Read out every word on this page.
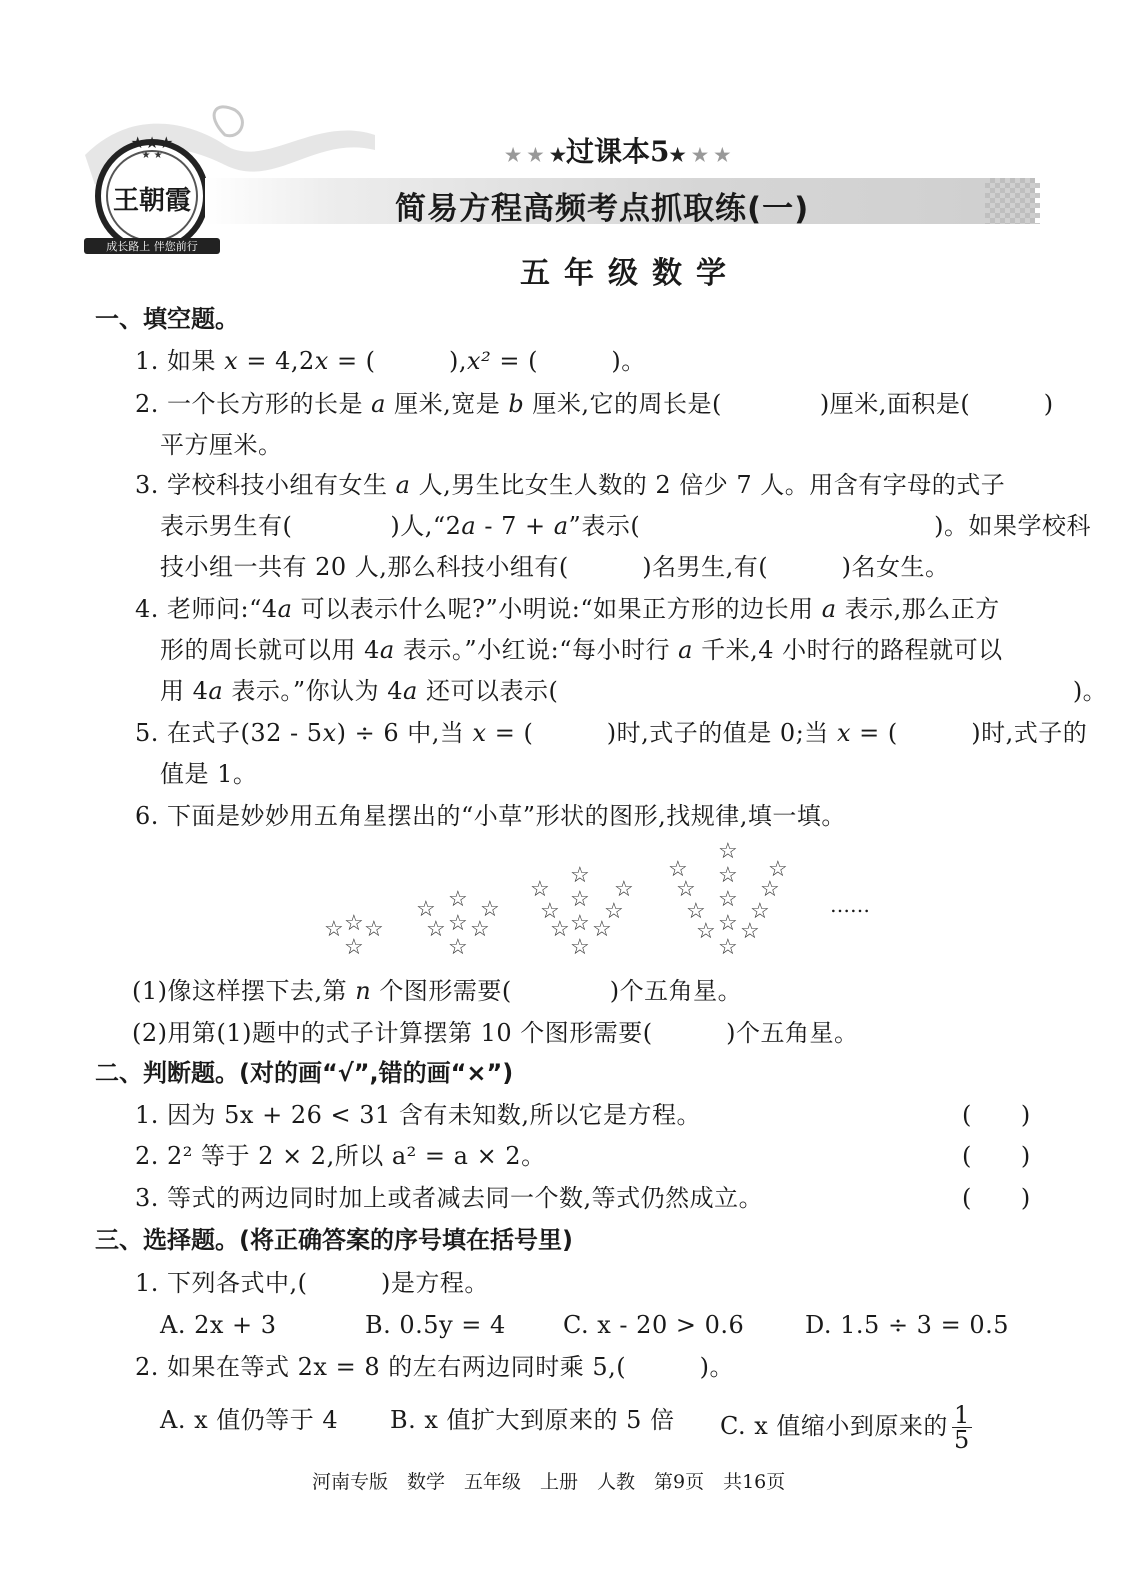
★★★
★ ★
王朝霞
成长路上 伴您前行
★ ★ ★过课本5★ ★ ★
简易方程高频考点抓取练(一)
五年级数学
一、填空题。
1. 如果 x = 4,2x = (　　　),x² = (　　　)。
2. 一个长方形的长是 a 厘米,宽是 b 厘米,它的周长是(　　　　)厘米,面积是(　　　)
平方厘米。
3. 学校科技小组有女生 a 人,男生比女生人数的 2 倍少 7 人。用含有字母的式子
表示男生有(　　　　)人,“2a - 7 + a”表示(　　　　　　　　　　　　)。如果学校科
技小组一共有 20 人,那么科技小组有(　　　)名男生,有(　　　)名女生。
4. 老师问:“4a 可以表示什么呢?”小明说:“如果正方形的边长用 a 表示,那么正方
形的周长就可以用 4a 表示。”小红说:“每小时行 a 千米,4 小时行的路程就可以
用 4a 表示。”你认为 4a 还可以表示(　　　　　　　　　　　　　　　　　　　　　)。
5. 在式子(32 - 5x) ÷ 6 中,当 x = (　　　)时,式子的值是 0;当 x = (　　　)时,式子的
值是 1。
6. 下面是妙妙用五角星摆出的“小草”形状的图形,找规律,填一填。
☆ ☆ ☆
☆
☆ ☆ ☆
☆ ☆ ☆
☆
☆
☆
☆
☆ ☆ ☆
☆ ☆ ☆
☆
☆
☆
☆
☆
☆
☆
☆ ☆ ☆
☆ ☆ ☆
☆
……
(1)像这样摆下去,第 n 个图形需要(　　　　)个五角星。
(2)用第(1)题中的式子计算摆第 10 个图形需要(　　　)个五角星。
二、判断题。(对的画“√”,错的画“×”)
1. 因为 5x + 26 < 31 含有未知数,所以它是方程。	(　　)
2. 2² 等于 2 × 2,所以 a² = a × 2。	(　　)
3. 等式的两边同时加上或者减去同一个数,等式仍然成立。	(　　)
三、选择题。(将正确答案的序号填在括号里)
1. 下列各式中,(　　　)是方程。
A. 2x + 3	B. 0.5y = 4 C. x - 20 > 0.6	D. 1.5 ÷ 3 = 0.5
2. 如果在等式 2x = 8 的左右两边同时乘 5,(　　　)。
A. x 值仍等于 4 B. x 值扩大到原来的 5 倍 C. x 值缩小到原来的 $\frac{1}{5}$
河南专版　数学　五年级　上册　人教　第9页　共16页
